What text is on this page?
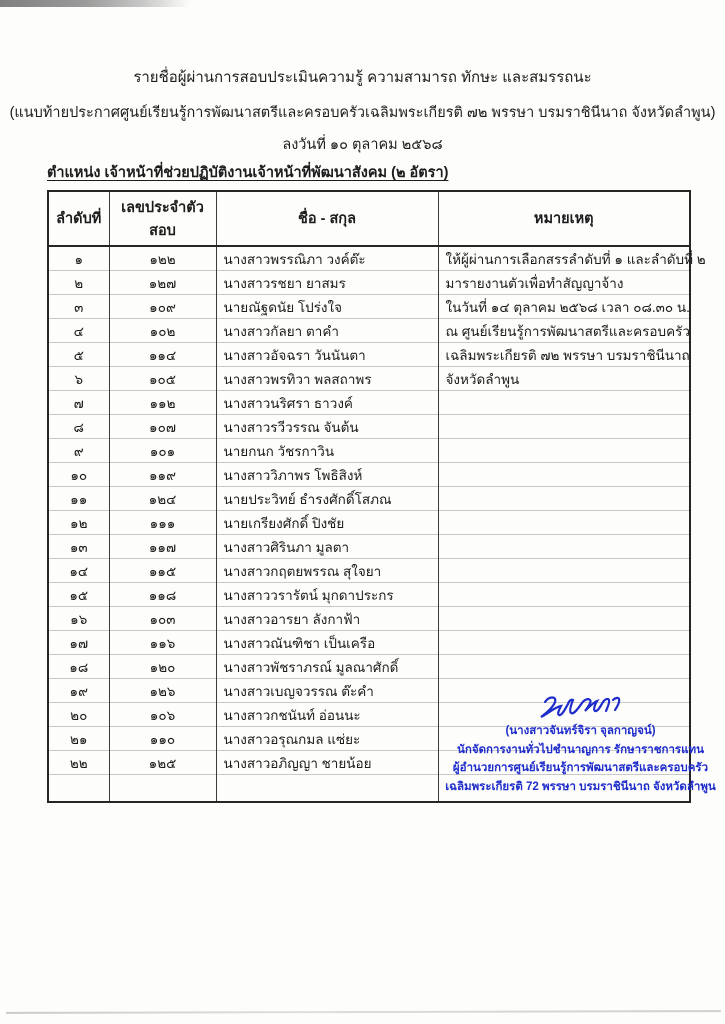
รายชื่อผู้ผ่านการสอบประเมินความรู้ ความสามารถ ทักษะ และสมรรถนะ
(แนบท้ายประกาศศูนย์เรียนรู้การพัฒนาสตรีและครอบครัวเฉลิมพระเกียรติ ๗๒ พรรษา บรมราชินีนาถ จังหวัดลำพูน)
ลงวันที่ ๑๐ ตุลาคม ๒๕๖๘
ตำแหน่ง เจ้าหน้าที่ช่วยปฏิบัติงานเจ้าหน้าที่พัฒนาสังคม (๒ อัตรา)
ลำดับที่	เลขประจำตัวสอบ	ชื่อ - สกุล	หมายเหตุ
๑	๑๒๒	นางสาวพรรณิภา วงค์ต๊ะ	ให้ผู้ผ่านการเลือกสรรลำดับที่ ๑ และลำดับที่ ๒
๒	๑๒๗	นางสาวรชยา ยาสมร	มารายงานตัวเพื่อทำสัญญาจ้าง
๓	๑๐๙	นายณัฐดนัย โปร่งใจ	ในวันที่ ๑๔ ตุลาคม ๒๕๖๘ เวลา ๐๘.๓๐ น.
๔	๑๐๒	นางสาวกัลยา ตาคำ	ณ ศูนย์เรียนรู้การพัฒนาสตรีและครอบครัว
๕	๑๑๔	นางสาวอัจฉรา วันนันตา	เฉลิมพระเกียรติ ๗๒ พรรษา บรมราชินีนาถ
๖	๑๐๕	นางสาวพรทิวา พลสถาพร	จังหวัดลำพูน
๗	๑๑๒	นางสาวนริศรา ธาวงค์	
๘	๑๐๗	นางสาวรวีวรรณ จันต้น	
๙	๑๐๑	นายกนก วัชรกาวิน	
๑๐	๑๑๙	นางสาววิภาพร โพธิสิงห์	
๑๑	๑๒๔	นายประวิทย์ ธำรงศักดิ์โสภณ	
๑๒	๑๑๑	นายเกรียงศักดิ์ ปิงชัย	
๑๓	๑๑๗	นางสาวศิรินภา มูลตา	
๑๔	๑๑๕	นางสาวกฤตยพรรณ สุใจยา	
๑๕	๑๑๘	นางสาววรารัตน์ มุกดาประกร	
๑๖	๑๐๓	นางสาวอารยา ลังกาฟ้า	
๑๗	๑๑๖	นางสาวณันฑิชา เป็นเครือ	
๑๘	๑๒๐	นางสาวพัชราภรณ์ มูลณาศักดิ์	
๑๙	๑๒๖	นางสาวเบญจวรรณ ต๊ะคำ	
๒๐	๑๐๖	นางสาวกชนันท์ อ่อนนะ	
๒๑	๑๑๐	นางสาวอรุณกมล แซ่ยะ	
๒๒	๑๒๕	นางสาวอภิญญา ชายน้อย	

(นางสาวจันทร์จิรา จุลกาญจน์)
นักจัดการงานทั่วไปชำนาญการ รักษาราชการแทน
ผู้อำนวยการศูนย์เรียนรู้การพัฒนาสตรีและครอบครัว
เฉลิมพระเกียรติ 72 พรรษา บรมราชินีนาถ จังหวัดลำพูน
